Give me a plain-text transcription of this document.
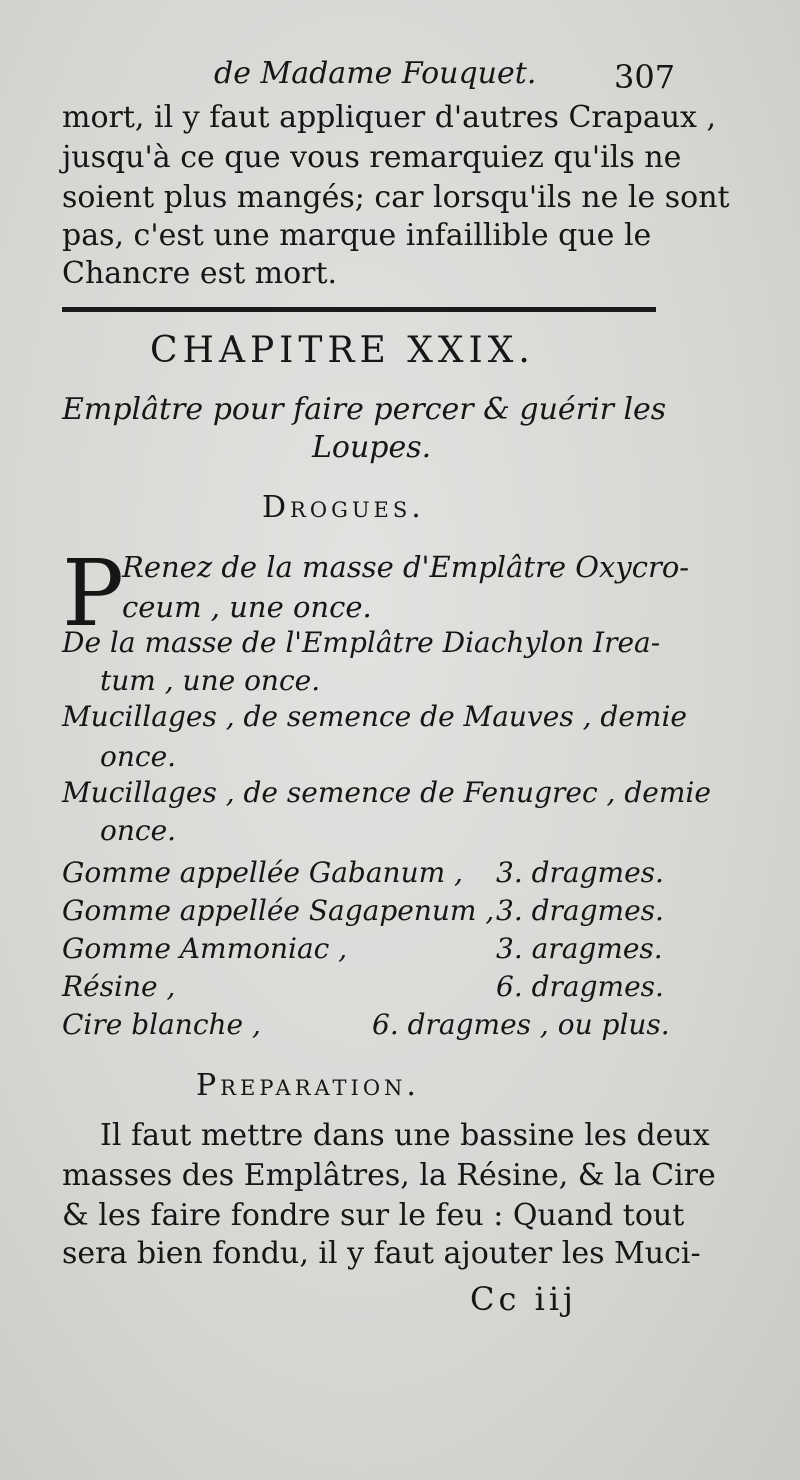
de Madame Fouquet. 307
mort, il y faut appliquer d'autres Crapaux ,
jusqu'à ce que vous remarquiez qu'ils ne
soient plus mangés; car lorsqu'ils ne le sont
pas, c'est une marque infaillible que le
Chancre est mort.
CHAPITRE XXIX.
Emplâtre pour faire percer & guérir les
Loupes.
Drogues.
P
Renez de la masse d'Emplâtre Oxycro-
ceum , une once.
De la masse de l'Emplâtre Diachylon Irea-
tum , une once.
Mucillages , de semence de Mauves , demie
once.
Mucillages , de semence de Fenugrec , demie
once.
Gomme appellée Gabanum , 3. dragmes.
Gomme appellée Sagapenum , 3. dragmes.
Gomme Ammoniac ,	3. aragmes.
Résine ,	6. dragmes.
Cire blanche ,	6. dragmes , ou plus.
Preparation.
Il faut mettre dans une bassine les deux
masses des Emplâtres, la Résine, & la Cire
& les faire fondre sur le feu : Quand tout
sera bien fondu, il y faut ajouter les Muci-
Cc iij
